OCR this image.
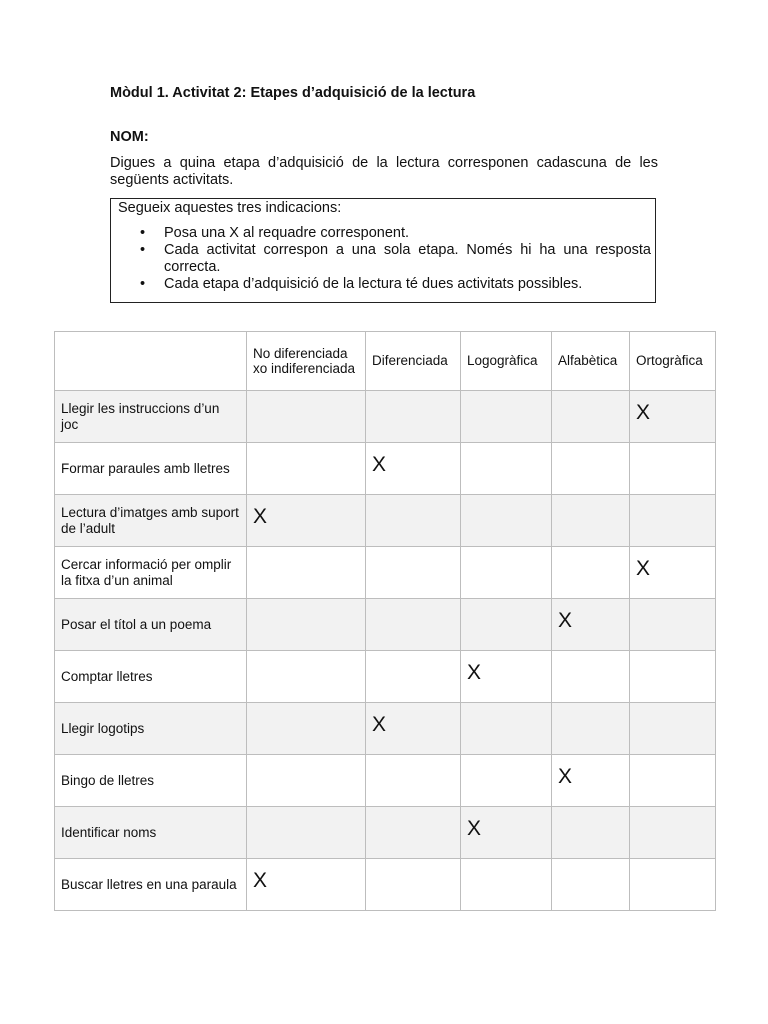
Mòdul 1. Activitat 2: Etapes d’adquisició de la lectura
NOM:
Digues a quina etapa d’adquisició de la lectura corresponen cadascuna de les següents activitats.
Segueix aquestes tres indicacions:
• Posa una X al requadre corresponent.
• Cada activitat correspon a una sola etapa. Només hi ha una resposta correcta.
• Cada etapa d’adquisició de la lectura té dues activitats possibles.
	No diferenciada xo indiferenciada	Diferenciada	Logogràfica	Alfabètica	Ortogràfica
Llegir les instruccions d’un joc					X
Formar paraules amb lletres		X			
Lectura d’imatges amb suport de l’adult	X				
Cercar informació per omplir la fitxa d’un animal					X
Posar el títol a un poema				X	
Comptar lletres			X		
Llegir logotips		X			
Bingo de lletres				X	
Identificar noms			X		
Buscar lletres en una paraula	X				
